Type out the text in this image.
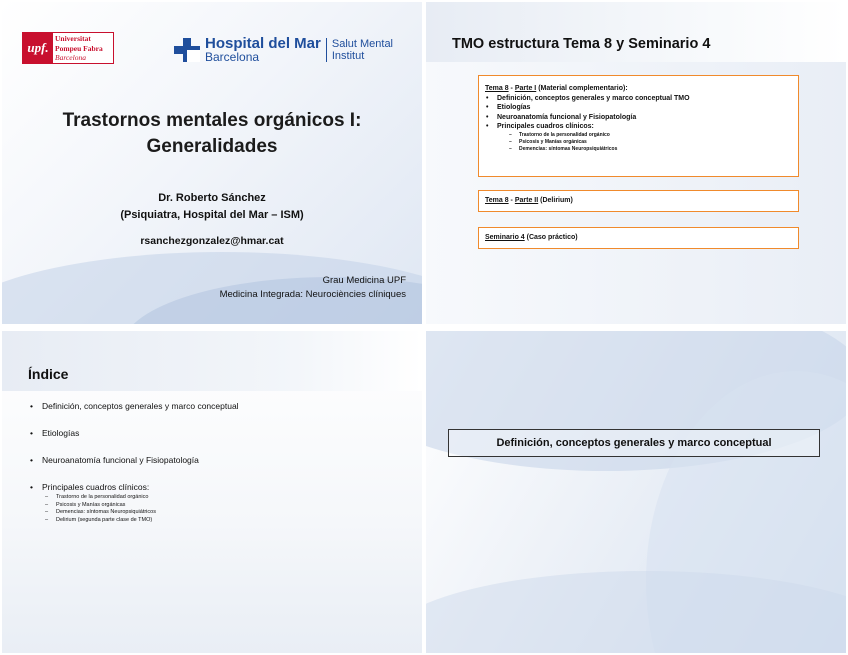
upf.
Universitat
Pompeu Fabra
Barcelona
Hospital del Mar
Barcelona
Salut Mental
Institut
Trastornos mentales orgánicos I:
Generalidades
Dr. Roberto Sánchez
(Psiquiatra, Hospital del Mar – ISM)
rsanchezgonzalez@hmar.cat
Grau Medicina UPF
Medicina Integrada: Neurociències clíniques
TMO estructura Tema 8 y Seminario 4
Tema 8 - Parte I (Material complementario):
• Definición, conceptos generales y marco conceptual TMO
• Etiologías
• Neuroanatomía funcional y Fisiopatología
• Principales cuadros clínicos:
– Trastorno de la personalidad orgánico
– Psicosis y Manías orgánicas
– Demencias: síntomas Neuropsiquiátricos
Tema 8 - Parte II (Delirium)
Seminario 4 (Caso práctico)
Índice
• Definición, conceptos generales y marco conceptual
• Etiologías
• Neuroanatomía funcional y Fisiopatología
• Principales cuadros clínicos:
– Trastorno de la personalidad orgánico
– Psicosis y Manías orgánicas
– Demencias: síntomas Neuropsiquiátricos
– Delirium (segunda parte clase de TMO)
Definición, conceptos generales y marco conceptual
